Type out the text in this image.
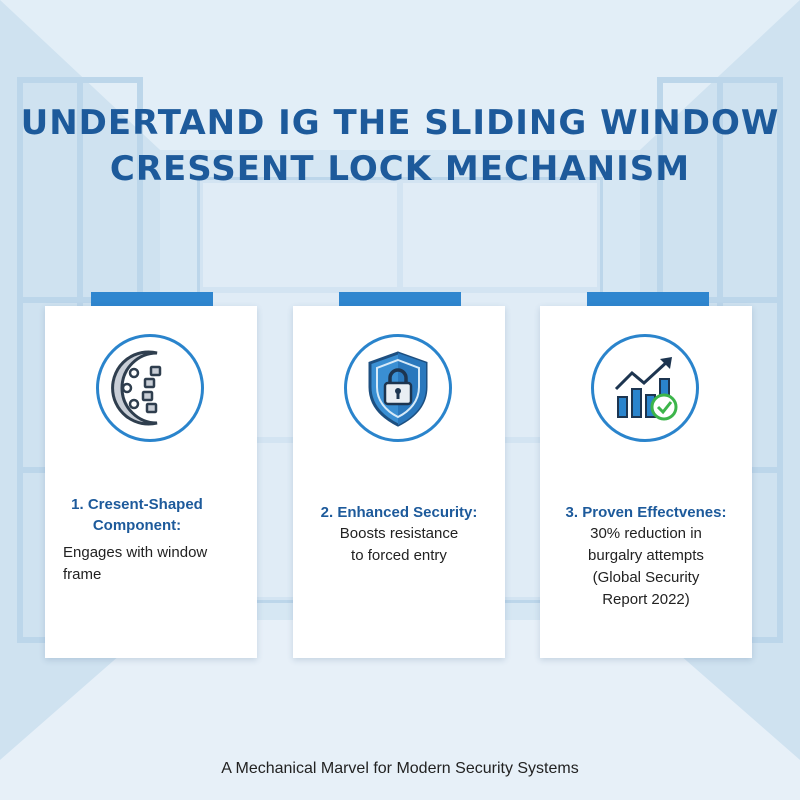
UNDERTAND IG THE SLIDING WINDOW
CRESSENT LOCK MECHANISM
1. Cresent-Shaped
Component:
Engages with window
frame
2. Enhanced Security:
Boosts resistance
to forced entry
3. Proven Effectvenes:
30% reduction in
burgalry attempts
(Global Security
Report 2022)
A Mechanical Marvel for Modern Security Systems
